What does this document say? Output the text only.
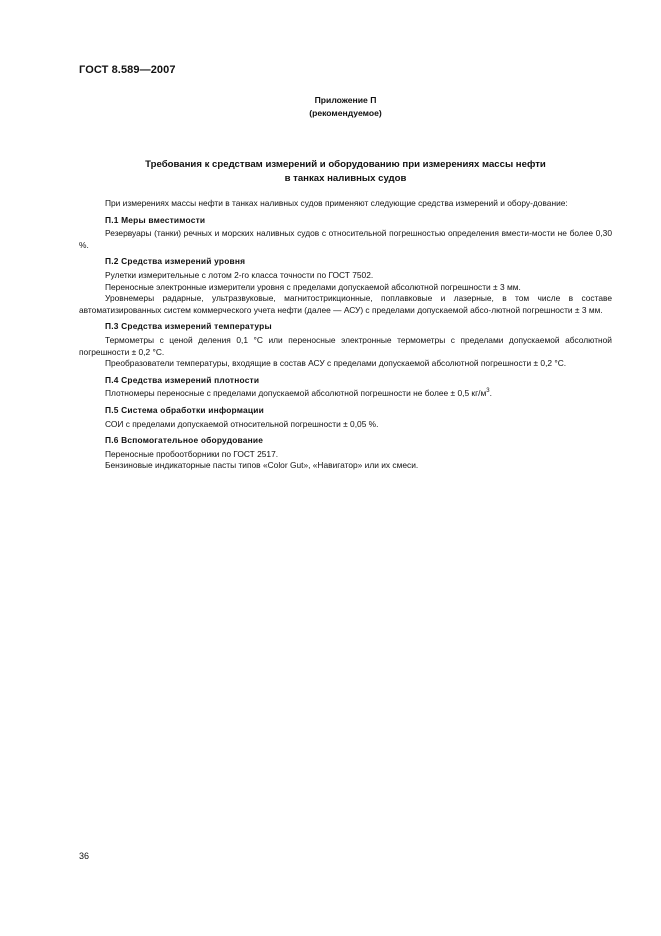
ГОСТ 8.589—2007
Приложение П
(рекомендуемое)
Требования к средствам измерений и оборудованию при измерениях массы нефти
в танках наливных судов

При измерениях массы нефти в танках наливных судов применяют следующие средства измерений и обору-дование:

П.1 Меры вместимости

Резервуары (танки) речных и морских наливных судов с относительной погрешностью определения вмести-мости не более 0,30 %.

П.2 Средства измерений уровня

Рулетки измерительные с лотом 2-го класса точности по ГОСТ 7502.

Переносные электронные измерители уровня с пределами допускаемой абсолютной погрешности ± 3 мм.

Уровнемеры радарные, ультразвуковые, магнитострикционные, поплавковые и лазерные, в том числе в составе автоматизированных систем коммерческого учета нефти (далее — АСУ) с пределами допускаемой абсо-лютной погрешности ± 3 мм.

П.3 Средства измерений температуры

Термометры с ценой деления 0,1 °С или переносные электронные термометры с пределами допускаемой абсолютной погрешности ± 0,2 °С.

Преобразователи температуры, входящие в состав АСУ с пределами допускаемой абсолютной погрешности ± 0,2 °С.

П.4 Средства измерений плотности

Плотномеры переносные с пределами допускаемой абсолютной погрешности не более ± 0,5 $кг/м^3$.

П.5 Система обработки информации

СОИ с пределами допускаемой относительной погрешности ± 0,05 %.

П.6 Вспомогательное оборудование

Переносные пробоотборники по ГОСТ 2517.

Бензиновые индикаторные пасты типов «Color Gut», «Навигатор» или их смеси.

36
